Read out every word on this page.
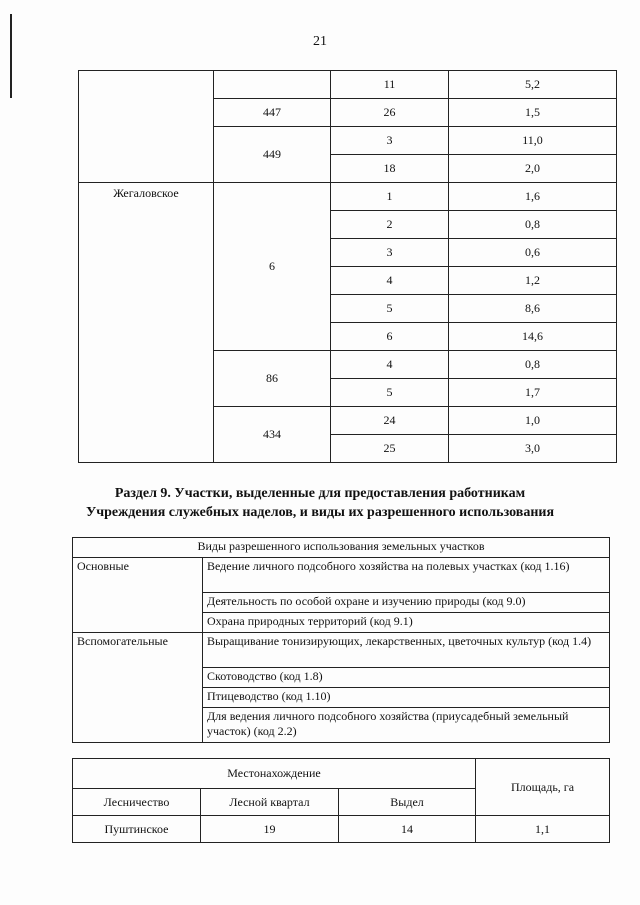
21
		11	5,2
	447	26	1,5
	449	3	11,0
		18	2,0
Жегаловское	6	1	1,6
		2	0,8
		3	0,6
		4	1,2
		5	8,6
		6	14,6
	86	4	0,8
		5	1,7
	434	24	1,0
		25	3,0
Раздел 9. Участки, выделенные для предоставления работникам
Учреждения служебных наделов, и виды их разрешенного использования
Виды разрешенного использования земельных участков	
Основные	Ведение личного подсобного хозяйства на полевых участках (код 1.16)
	Деятельность по особой охране и изучению природы (код 9.0)
	Охрана природных территорий (код 9.1)
Вспомогательные	Выращивание тонизирующих, лекарственных, цветочных культур (код 1.4)
	Скотоводство (код 1.8)
	Птицеводство (код 1.10)
	Для ведения личного подсобного хозяйства (приусадебный земельный участок) (код 2.2)
Местонахождение			Площадь, га
Лесничество	Лесной квартал	Выдел	
Пуштинское	19	14	1,1
